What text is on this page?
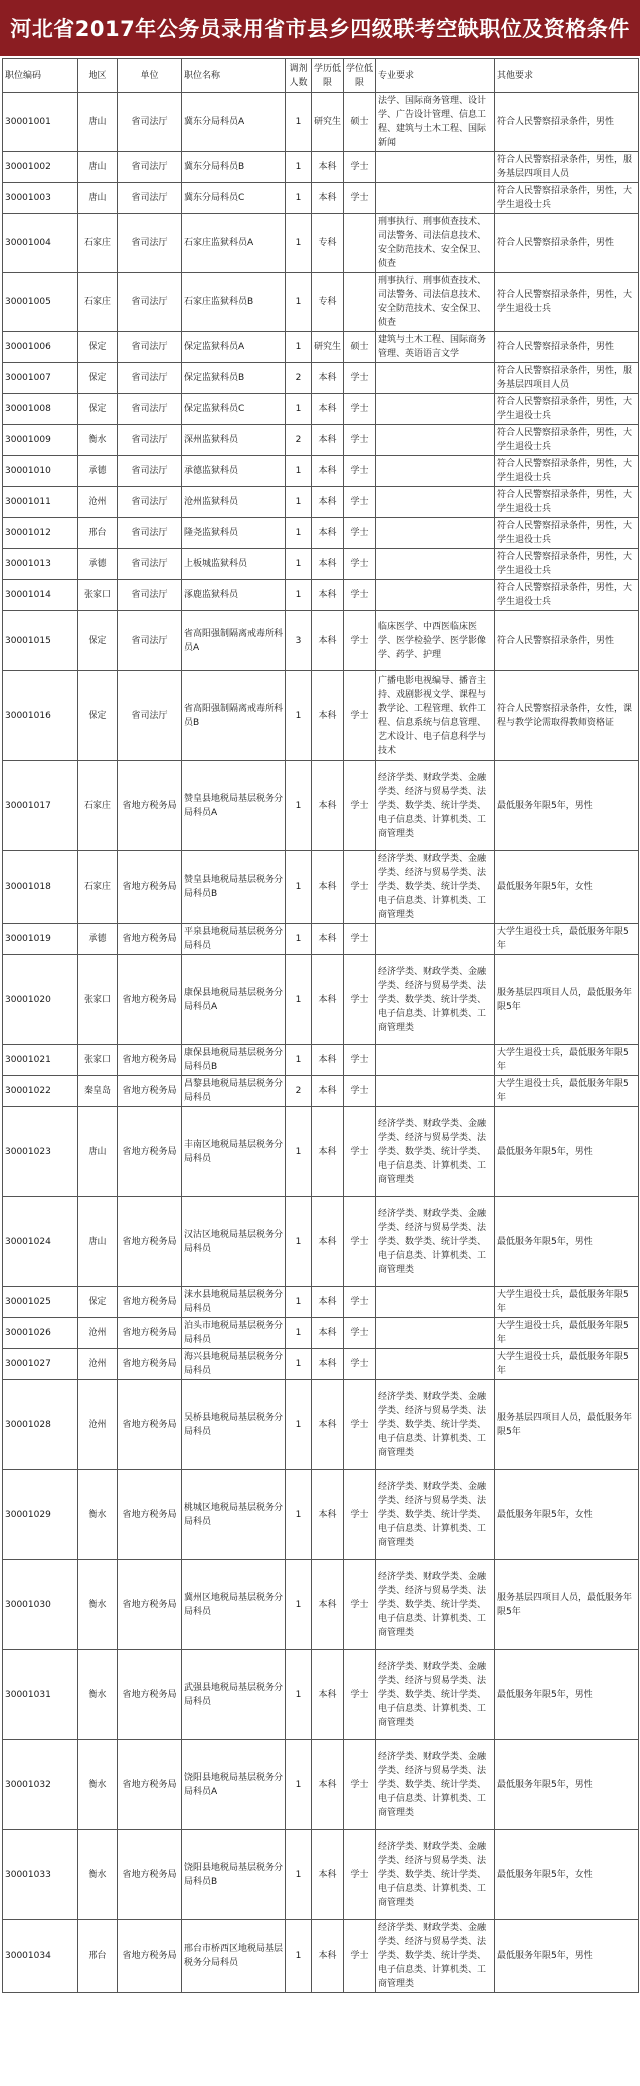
河北省2017年公务员录用省市县乡四级联考空缺职位及资格条件
职位编码	地区	单位	职位名称	调剂人数	学历低限	学位低限	专业要求	其他要求
30001001	唐山	省司法厅	冀东分局科员A	1	研究生	硕士	法学、国际商务管理、设计学、广告设计管理、信息工程、建筑与土木工程、国际新闻	符合人民警察招录条件，男性
30001002	唐山	省司法厅	冀东分局科员B	1	本科	学士		符合人民警察招录条件，男性，服务基层四项目人员
30001003	唐山	省司法厅	冀东分局科员C	1	本科	学士		符合人民警察招录条件，男性，大学生退役士兵
30001004	石家庄	省司法厅	石家庄监狱科员A	1	专科		刑事执行、刑事侦查技术、司法警务、司法信息技术、安全防范技术、安全保卫、侦查	符合人民警察招录条件，男性
30001005	石家庄	省司法厅	石家庄监狱科员B	1	专科		刑事执行、刑事侦查技术、司法警务、司法信息技术、安全防范技术、安全保卫、侦查	符合人民警察招录条件，男性，大学生退役士兵
30001006	保定	省司法厅	保定监狱科员A	1	研究生	硕士	建筑与土木工程、国际商务管理、英语语言文学	符合人民警察招录条件，男性
30001007	保定	省司法厅	保定监狱科员B	2	本科	学士		符合人民警察招录条件，男性，服务基层四项目人员
30001008	保定	省司法厅	保定监狱科员C	1	本科	学士		符合人民警察招录条件，男性，大学生退役士兵
30001009	衡水	省司法厅	深州监狱科员	2	本科	学士		符合人民警察招录条件，男性，大学生退役士兵
30001010	承德	省司法厅	承德监狱科员	1	本科	学士		符合人民警察招录条件，男性，大学生退役士兵
30001011	沧州	省司法厅	沧州监狱科员	1	本科	学士		符合人民警察招录条件，男性，大学生退役士兵
30001012	邢台	省司法厅	隆尧监狱科员	1	本科	学士		符合人民警察招录条件，男性，大学生退役士兵
30001013	承德	省司法厅	上板城监狱科员	1	本科	学士		符合人民警察招录条件，男性，大学生退役士兵
30001014	张家口	省司法厅	涿鹿监狱科员	1	本科	学士		符合人民警察招录条件，男性，大学生退役士兵
30001015	保定	省司法厅	省高阳强制隔离戒毒所科员A	3	本科	学士	临床医学、中西医临床医学、医学检验学、医学影像学、药学、护理	符合人民警察招录条件，男性
30001016	保定	省司法厅	省高阳强制隔离戒毒所科员B	1	本科	学士	广播电影电视编导、播音主持、戏剧影视文学、课程与教学论、工程管理、软件工程、信息系统与信息管理、艺术设计、电子信息科学与技术	符合人民警察招录条件，女性，课程与教学论需取得教师资格证
30001017	石家庄	省地方税务局	赞皇县地税局基层税务分局科员A	1	本科	学士	经济学类、财政学类、金融学类、经济与贸易学类、法学类、数学类、统计学类、电子信息类、计算机类、工商管理类	最低服务年限5年，男性
30001018	石家庄	省地方税务局	赞皇县地税局基层税务分局科员B	1	本科	学士	经济学类、财政学类、金融学类、经济与贸易学类、法学类、数学类、统计学类、电子信息类、计算机类、工商管理类	最低服务年限5年，女性
30001019	承德	省地方税务局	平泉县地税局基层税务分局科员	1	本科	学士		大学生退役士兵，最低服务年限5年
30001020	张家口	省地方税务局	康保县地税局基层税务分局科员A	1	本科	学士	经济学类、财政学类、金融学类、经济与贸易学类、法学类、数学类、统计学类、电子信息类、计算机类、工商管理类	服务基层四项目人员，最低服务年限5年
30001021	张家口	省地方税务局	康保县地税局基层税务分局科员B	1	本科	学士		大学生退役士兵，最低服务年限5年
30001022	秦皇岛	省地方税务局	昌黎县地税局基层税务分局科员	2	本科	学士		大学生退役士兵，最低服务年限5年
30001023	唐山	省地方税务局	丰南区地税局基层税务分局科员	1	本科	学士	经济学类、财政学类、金融学类、经济与贸易学类、法学类、数学类、统计学类、电子信息类、计算机类、工商管理类	最低服务年限5年，男性
30001024	唐山	省地方税务局	汉沽区地税局基层税务分局科员	1	本科	学士	经济学类、财政学类、金融学类、经济与贸易学类、法学类、数学类、统计学类、电子信息类、计算机类、工商管理类	最低服务年限5年，男性
30001025	保定	省地方税务局	涞水县地税局基层税务分局科员	1	本科	学士		大学生退役士兵，最低服务年限5年
30001026	沧州	省地方税务局	泊头市地税局基层税务分局科员	1	本科	学士		大学生退役士兵，最低服务年限5年
30001027	沧州	省地方税务局	海兴县地税局基层税务分局科员	1	本科	学士		大学生退役士兵，最低服务年限5年
30001028	沧州	省地方税务局	吴桥县地税局基层税务分局科员	1	本科	学士	经济学类、财政学类、金融学类、经济与贸易学类、法学类、数学类、统计学类、电子信息类、计算机类、工商管理类	服务基层四项目人员，最低服务年限5年
30001029	衡水	省地方税务局	桃城区地税局基层税务分局科员	1	本科	学士	经济学类、财政学类、金融学类、经济与贸易学类、法学类、数学类、统计学类、电子信息类、计算机类、工商管理类	最低服务年限5年，女性
30001030	衡水	省地方税务局	冀州区地税局基层税务分局科员	1	本科	学士	经济学类、财政学类、金融学类、经济与贸易学类、法学类、数学类、统计学类、电子信息类、计算机类、工商管理类	服务基层四项目人员，最低服务年限5年
30001031	衡水	省地方税务局	武强县地税局基层税务分局科员	1	本科	学士	经济学类、财政学类、金融学类、经济与贸易学类、法学类、数学类、统计学类、电子信息类、计算机类、工商管理类	最低服务年限5年，男性
30001032	衡水	省地方税务局	饶阳县地税局基层税务分局科员A	1	本科	学士	经济学类、财政学类、金融学类、经济与贸易学类、法学类、数学类、统计学类、电子信息类、计算机类、工商管理类	最低服务年限5年，男性
30001033	衡水	省地方税务局	饶阳县地税局基层税务分局科员B	1	本科	学士	经济学类、财政学类、金融学类、经济与贸易学类、法学类、数学类、统计学类、电子信息类、计算机类、工商管理类	最低服务年限5年，女性
30001034	邢台	省地方税务局	邢台市桥西区地税局基层税务分局科员	1	本科	学士	经济学类、财政学类、金融学类、经济与贸易学类、法学类、数学类、统计学类、电子信息类、计算机类、工商管理类	最低服务年限5年，男性
